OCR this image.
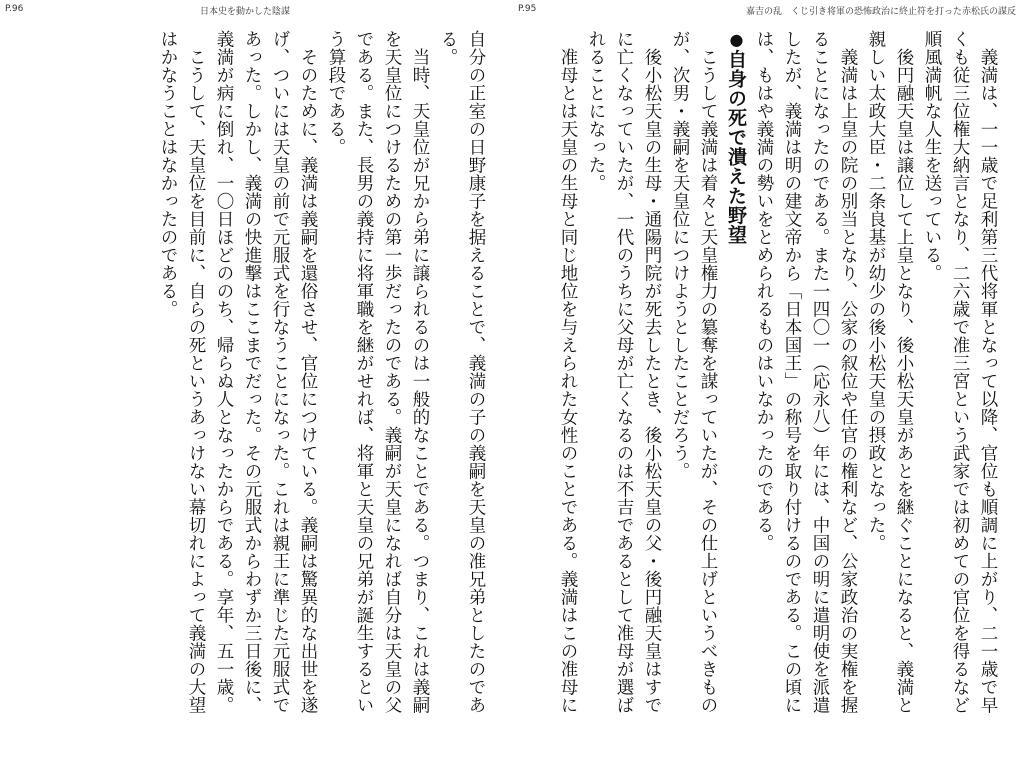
P.96	日本史を動かした陰謀

自分の正室の日野康子を据えることで、義満の子の義嗣を天皇の准兄弟としたのである。

当時、天皇位が兄から弟に譲られるのは一般的なことである。つまり、これは義嗣を天皇位につけるための第一歩だったのである。義嗣が天皇になれば自分は天皇の父である。また、長男の義持に将軍職を継がせれば、将軍と天皇の兄弟が誕生するという算段である。

そのために、義満は義嗣を還俗させ、官位につけている。義嗣は驚異的な出世を遂げ、ついには天皇の前で元服式を行なうことになった。これは親王に準じた元服式であった。しかし、義満の快進撃はここまでだった。その元服式からわずか三日後に、義満が病に倒れ、一〇日ほどののち、帰らぬ人となったからである。享年、五一歳。

こうして、天皇位を目前に、自らの死というあっけない幕切れによって義満の大望はかなうことはなかったのである。

P.95	嘉吉の乱　くじ引き将軍の恐怖政治に終止符を打った赤松氏の謀反

義満は、一一歳で足利第三代将軍となって以降、官位も順調に上がり、二一歳で早くも従三位権大納言となり、二六歳で准三宮という武家では初めての官位を得るなど順風満帆な人生を送っている。

後円融天皇は譲位して上皇となり、後小松天皇があとを継ぐことになると、義満と親しい太政大臣・二条良基が幼少の後小松天皇の摂政となった。

義満は上皇の院の別当となり、公家の叙位や任官の権利など、公家政治の実権を握ることになったのである。また一四〇一（応永八）年には、中国の明に遣明使を派遣したが、義満は明の建文帝から「日本国王」の称号を取り付けるのである。この頃には、もはや義満の勢いをとめられるものはいなかったのである。

●自身の死で潰えた野望

こうして義満は着々と天皇権力の簒奪を謀っていたが、その仕上げというべきものが、次男・義嗣を天皇位につけようとしたことだろう。

後小松天皇の生母・通陽門院が死去したとき、後小松天皇の父・後円融天皇はすでに亡くなっていたが、一代のうちに父母が亡くなるのは不吉であるとして准母が選ばれることになった。

准母とは天皇の生母と同じ地位を与えられた女性のことである。義満はこの准母に
